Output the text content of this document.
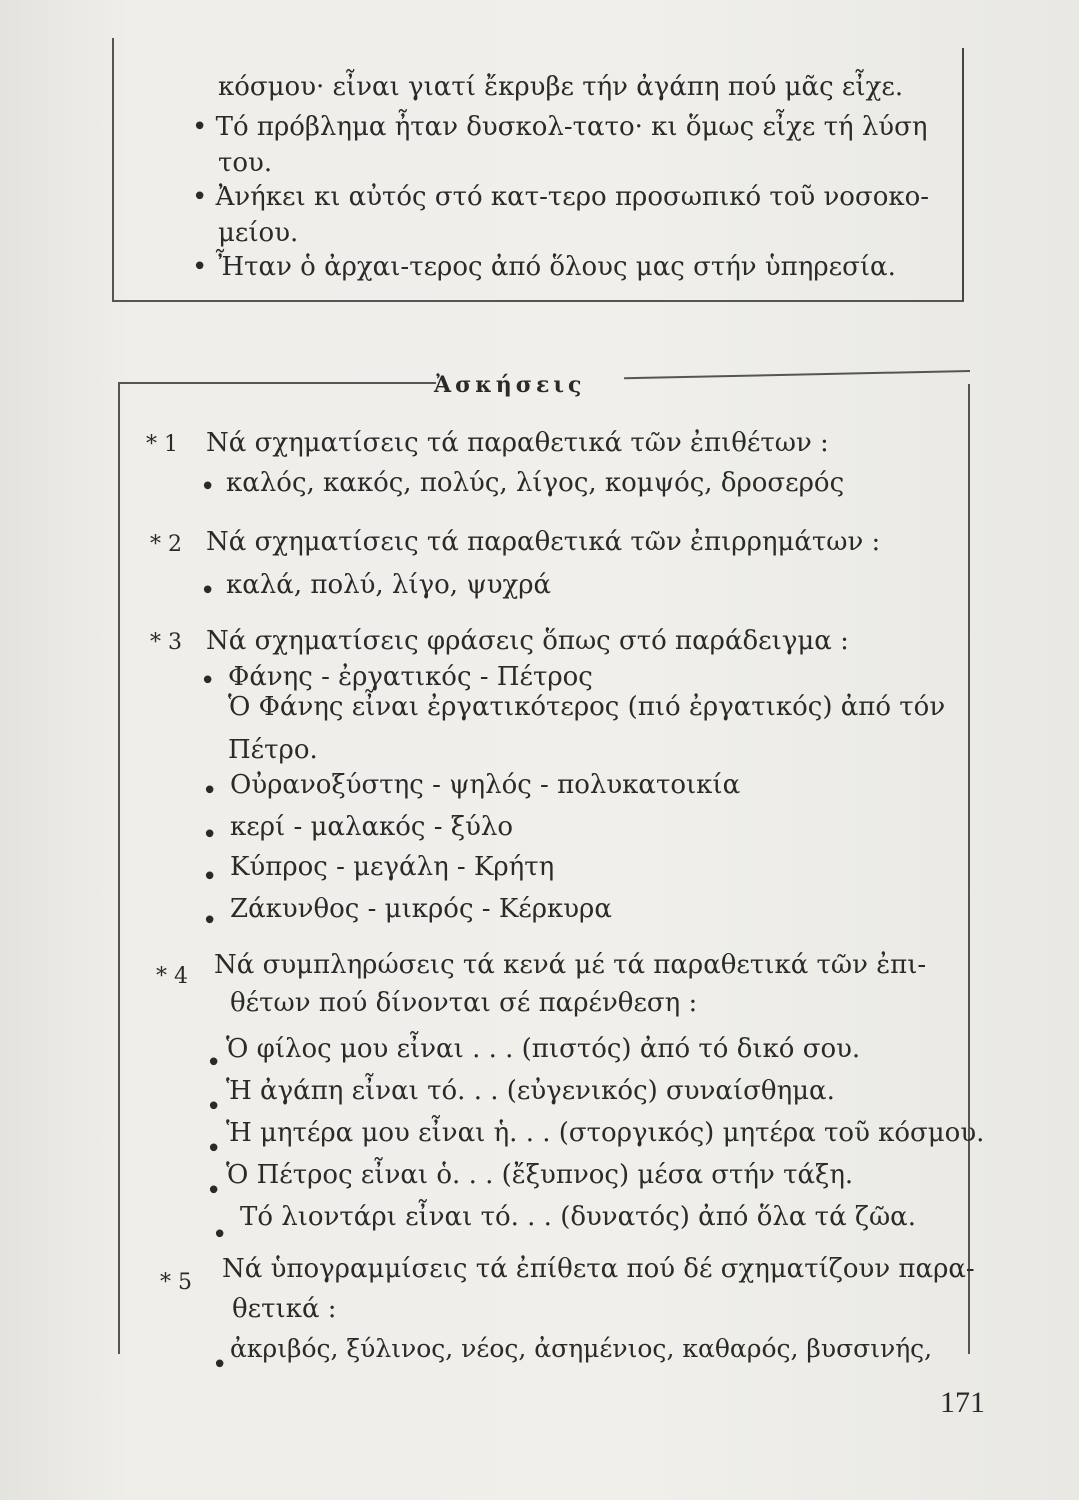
κόσμου· εἶναι γιατί ἔκρυβε τήν ἀγάπη πού μᾶς εἶχε.
• Τό πρόβλημα ἦταν δυσκολ-τατο· κι ὅμως εἶχε τή λύση
του.
• Ἀνήκει κι αὐτός στό κατ-τερο προσωπικό τοῦ νοσοκο-
μείου.
• Ἦταν ὁ ἀρχαι-τερος ἀπό ὅλους μας στήν ὑπηρεσία.
Ἀσκήσεις
* 1 Νά σχηματίσεις τά παραθετικά τῶν ἐπιθέτων :
• καλός, κακός, πολύς, λίγος, κομψός, δροσερός
* 2 Νά σχηματίσεις τά παραθετικά τῶν ἐπιρρημάτων :
• καλά, πολύ, λίγο, ψυχρά
* 3 Νά σχηματίσεις φράσεις ὅπως στό παράδειγμα :
• Φάνης - ἐργατικός - Πέτρος
Ὁ Φάνης εἶναι ἐργατικότερος (πιό ἐργατικός) ἀπό τόν
Πέτρο.
• Οὐρανοξύστης - ψηλός - πολυκατοικία
• κερί - μαλακός - ξύλο
• Κύπρος - μεγάλη - Κρήτη
• Ζάκυνθος - μικρός - Κέρκυρα
* 4 Νά συμπληρώσεις τά κενά μέ τά παραθετικά τῶν ἐπι-
θέτων πού δίνονται σέ παρένθεση :
• Ὁ φίλος μου εἶναι . . . (πιστός) ἀπό τό δικό σου.
•
Ἡ ἀγάπη εἶναι τό. . . (εὐγενικός) συναίσθημα.
•
Ἡ μητέρα μου εἶναι ἡ. . . (στοργικός) μητέρα τοῦ κόσμου.
•
Ὁ Πέτρος εἶναι ὁ. . . (ἔξυπνος) μέσα στήν τάξη.
•
Τό λιοντάρι εἶναι τό. . . (δυνατός) ἀπό ὅλα τά ζῶα.
* 5 Νά ὑπογραμμίσεις τά ἐπίθετα πού δέ σχηματίζουν παρα-
θετικά :
•
ἀκριβός, ξύλινος, νέος, ἀσημένιος, καθαρός, βυσσινής,
171
